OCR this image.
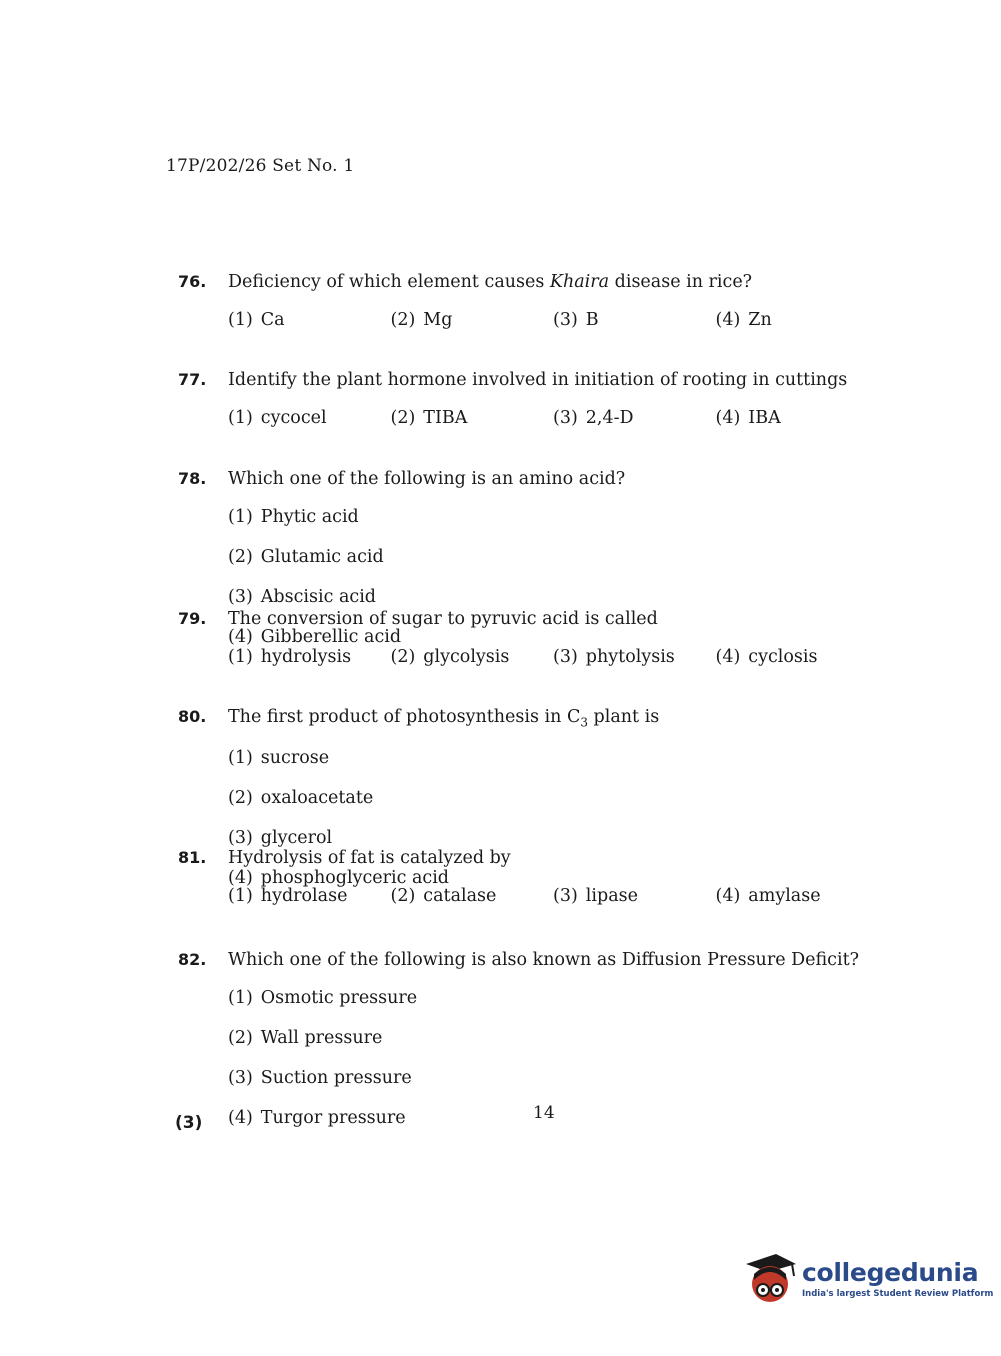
17P/202/26 Set No. 1
76.	Deficiency of which element causes Khaira disease in rice?
(1) Ca	(2) Mg	(3) B	(4) Zn
77.	Identify the plant hormone involved in initiation of rooting in cuttings
(1) cycocel	(2) TIBA	(3) 2,4-D	(4) IBA
78.	Which one of the following is an amino acid?
(1) Phytic acid
(2) Glutamic acid
(3) Abscisic acid
(4) Gibberellic acid
79.	The conversion of sugar to pyruvic acid is called
(1) hydrolysis	(2) glycolysis	(3) phytolysis	(4) cyclosis
80.	The first product of photosynthesis in $C_3$ plant is
(1) sucrose
(2) oxaloacetate
(3) glycerol
(4) phosphoglyceric acid
81.	Hydrolysis of fat is catalyzed by
(1) hydrolase	(2) catalase	(3) lipase	(4) amylase
82.	Which one of the following is also known as Diffusion Pressure Deficit?
(1) Osmotic pressure
(2) Wall pressure
(3) Suction pressure
(4) Turgor pressure	14
(3)
collegedunia
India's largest Student Review Platform
